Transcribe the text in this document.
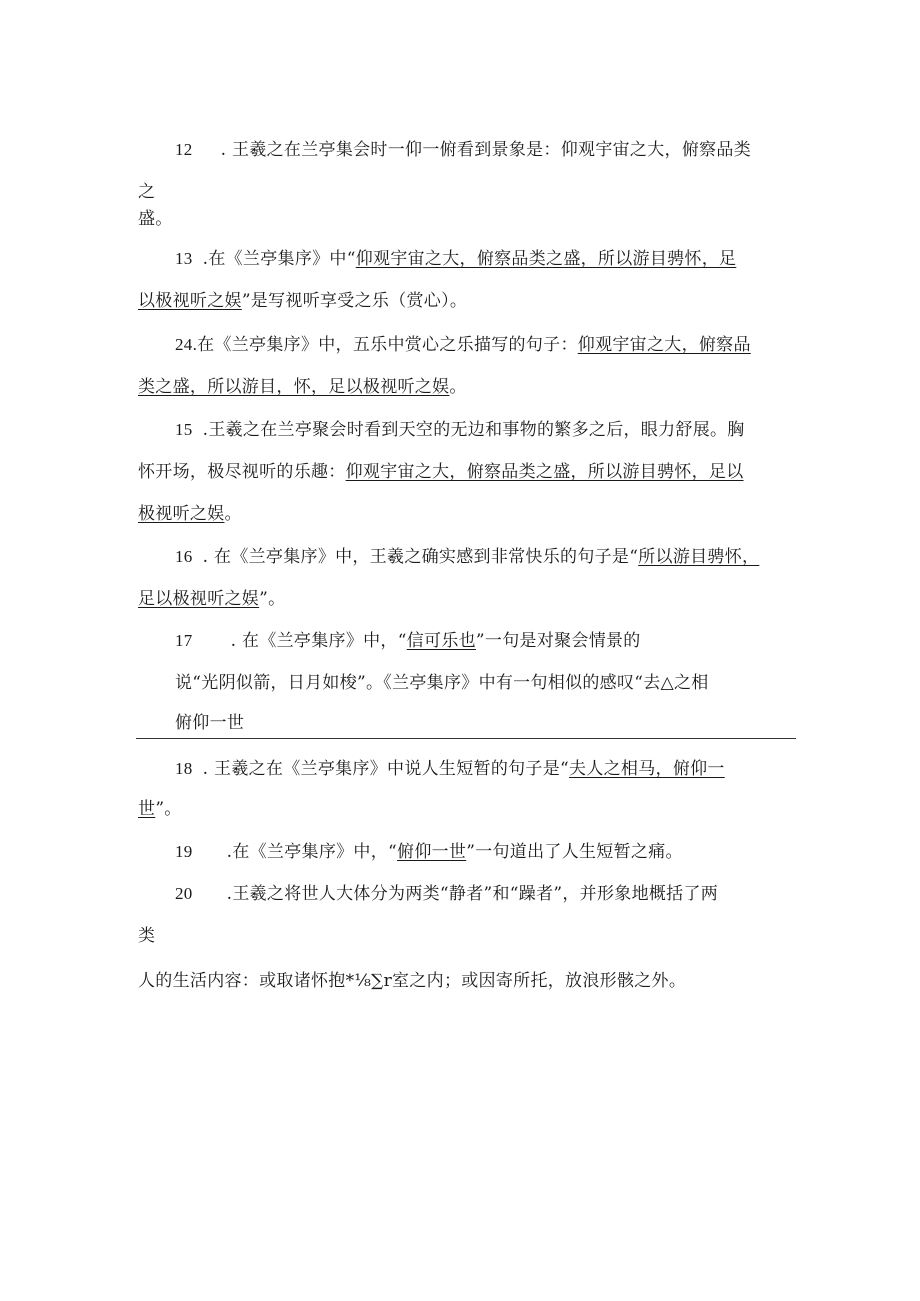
12 . 王羲之在兰亭集会时一仰一俯看到景象是：仰观宇宙之大，俯察品类
之
盛。
13 .在《兰亭集序》中“仰观宇宙之大，俯察品类之盛，所以游目骋怀，足
以极视听之娱”是写视听享受之乐（赏心）。
24.在《兰亭集序》中，五乐中赏心之乐描写的句子：仰观宇宙之大，俯察品
类之盛，所以游目，怀，足以极视听之娱。
15 .王羲之在兰亭聚会时看到天空的无边和事物的繁多之后，眼力舒展。胸
怀开场，极尽视听的乐趣：仰观宇宙之大，俯察品类之盛，所以游目骋怀，足以
极视听之娱。
16 . 在《兰亭集序》中，王羲之确实感到非常快乐的句子是“所以游目骋怀，
足以极视听之娱”。
17 . 在《兰亭集序》中，“信可乐也”一句是对聚会情景的
说“光阴似箭，日月如梭”。《兰亭集序》中有一句相似的感叹“去△之相
俯仰一世
18 . 王羲之在《兰亭集序》中说人生短暂的句子是“夫人之相马，俯仰一
世”。
19 .在《兰亭集序》中，“俯仰一世”一句道出了人生短暂之痛。
20 .王羲之将世人大体分为两类“静者”和“躁者”，并形象地概括了两
类
人的生活内容：或取诸怀抱*⅛∑r室之内；或因寄所托，放浪形骸之外。
